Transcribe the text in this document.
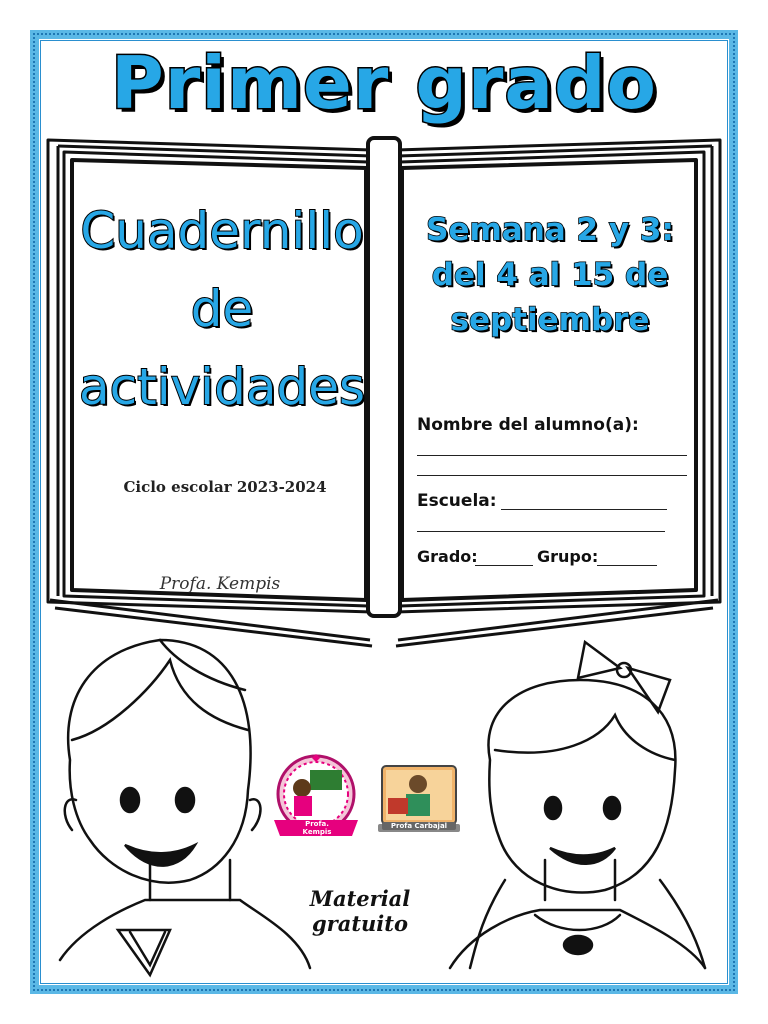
Primer grado
Cuadernillo
de
actividades
Ciclo escolar 2023-2024
Profa. Kempis
Semana 2 y 3:
del 4 al 15 de
septiembre
Nombre del alumno(a):
Escuela:
Grado:	Grupo:
Profa. Kempis
Profa Carbajal
Material gratuito
